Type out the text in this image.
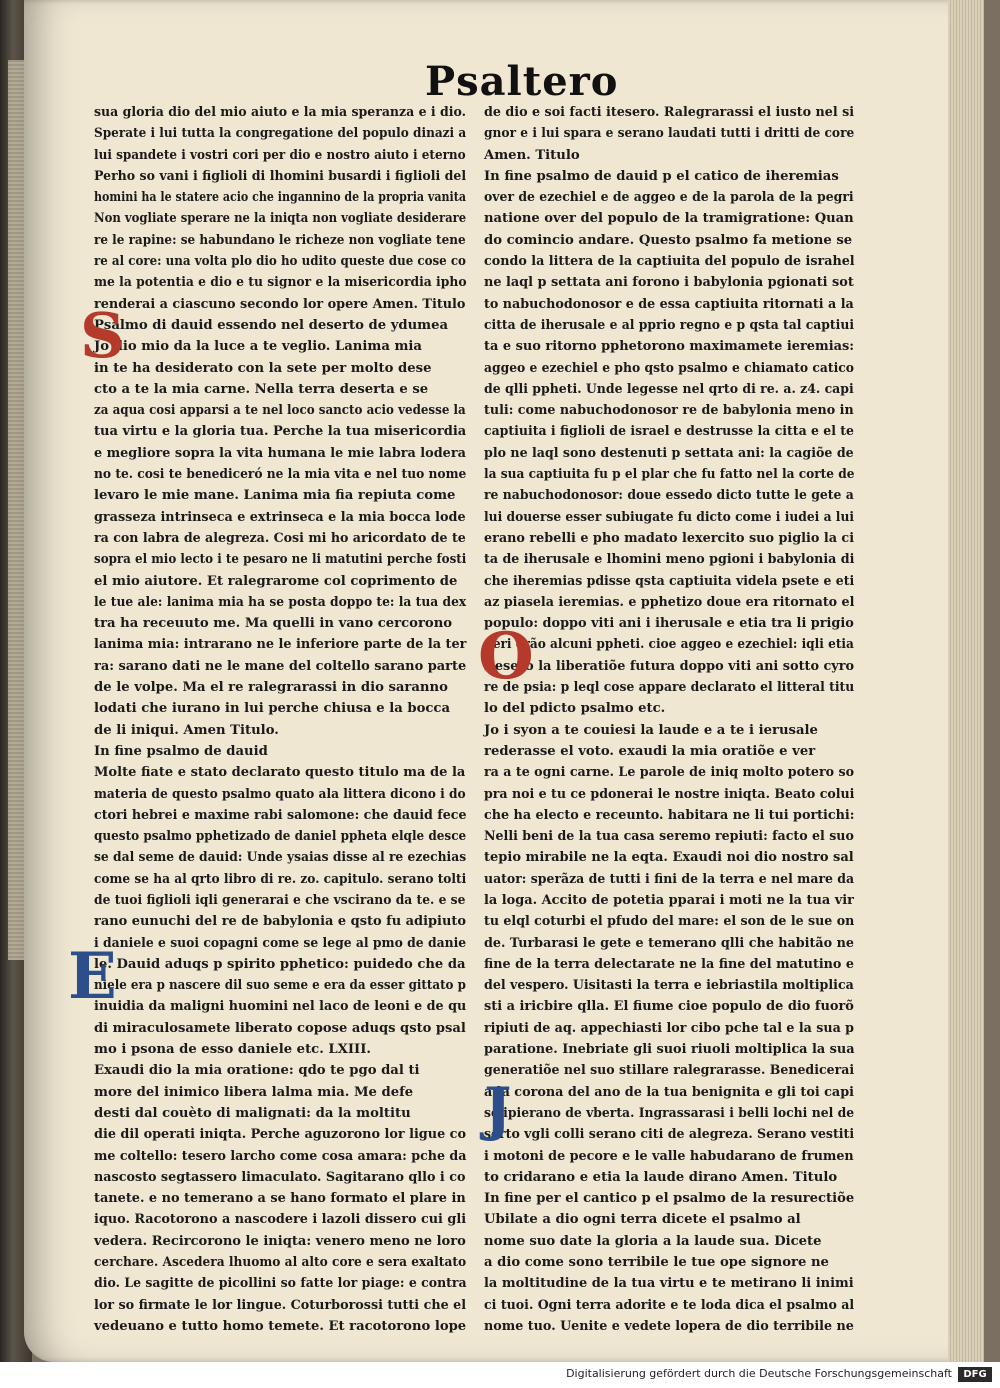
Psaltero
sua gloria dio del mio aiuto e la mia speranza e i dio.
Sperate i lui tutta la congregatione del populo dinazi a
lui spandete i vostri cori per dio e nostro aiuto i eterno
Perho so vani i figlioli di lhomini busardi i figlioli del
homini ha le statere acio che ingannino de la propria vanita
Non vogliate sperare ne la iniqta non vogliate desiderare
re le rapine: se habundano le richeze non vogliate tene
re al core: una volta plo dio ho udito queste due cose co
me la potentia e dio e tu signor e la misericordia ipho
renderai a ciascuno secondo lor opere Amen. Titulo
Psalmo di dauid essendo nel deserto de ydumea
Jo dio mio da la luce a te veglio. Lanima mia
in te ha desiderato con la sete per molto dese
cto a te la mia carne. Nella terra deserta e se
za aqua cosi apparsi a te nel loco sancto acio vedesse la
tua virtu e la gloria tua. Perche la tua misericordia
e megliore sopra la vita humana le mie labra lodera
no te. cosi te benediceró ne la mia vita e nel tuo nome
levaro le mie mane. Lanima mia fia repiuta come
grasseza intrinseca e extrinseca e la mia bocca lode
ra con labra de alegreza. Cosi mi ho aricordato de te
sopra el mio lecto i te pesaro ne li matutini perche fosti
el mio aiutore. Et ralegrarome col coprimento de
le tue ale: lanima mia ha se posta doppo te: la tua dex
tra ha receuuto me. Ma quelli in vano cercorono
lanima mia: intrarano ne le inferiore parte de la ter
ra: sarano dati ne le mane del coltello sarano parte
de le volpe. Ma el re ralegrarassi in dio saranno
lodati che iurano in lui perche chiusa e la bocca
de li iniqui. Amen Titulo.
In fine psalmo de dauid
Molte fiate e stato declarato questo titulo ma de la
materia de questo psalmo quato ala littera dicono i do
ctori hebrei e maxime rabi salomone: che dauid fece
questo psalmo pphetizado de daniel ppheta elqle desce
se dal seme de dauid: Unde ysaias disse al re ezechias
come se ha al qrto libro di re. zo. capitulo. serano tolti
de tuoi figlioli iqli generarai e che vscirano da te. e se
rano eunuchi del re de babylonia e qsto fu adipiuto
i daniele e suoi copagni come se lege al pmo de danie
le. Dauid aduqs p spirito pphetico: puidedo che da
niele era p nascere dil suo seme e era da esser gittato p
inuidia da maligni huomini nel laco de leoni e de qu
di miraculosamete liberato copose aduqs qsto psal
mo i psona de esso daniele etc. LXIII.
Exaudi dio la mia oratione: qdo te pgo dal ti
more del inimico libera lalma mia. Me defe
desti dal couèto di malignati: da la moltitu
die dil operati iniqta. Perche aguzorono lor ligue co
me coltello: tesero larcho come cosa amara: pche da
nascosto segtassero limaculato. Sagitarano qllo i co
tanete. e no temerano a se hano formato el plare in
iquo. Racotorono a nascodere i lazoli dissero cui gli
vedera. Recircorono le iniqta: venero meno ne loro
cerchare. Ascedera lhuomo al alto core e sera exaltato
dio. Le sagitte de picollini so fatte lor piage: e contra
lor so firmate le lor lingue. Coturborossi tutti che el
vedeuano e tutto homo temete. Et racotorono lope
de dio e soi facti itesero. Ralegrarassi el iusto nel si
gnor e i lui spara e serano laudati tutti i dritti de core
Amen. Titulo
In fine psalmo de dauid p el catico de iheremias
over de ezechiel e de aggeo e de la parola de la pegri
natione over del populo de la tramigratione: Quan
do comincio andare. Questo psalmo fa metione se
condo la littera de la captiuita del populo de israhel
ne laql p settata ani forono i babylonia pgionati sot
to nabuchodonosor e de essa captiuita ritornati a la
citta de iherusale e al pprio regno e p qsta tal captiui
ta e suo ritorno pphetorono maximamete ieremias:
aggeo e ezechiel e pho qsto psalmo e chiamato catico
de qlli ppheti. Unde legesse nel qrto di re. a. z4. capi
tuli: come nabuchodonosor re de babylonia meno in
captiuita i figlioli de israel e destrusse la citta e el te
plo ne laql sono destenuti p settata ani: la cagiõe de
la sua captiuita fu p el plar che fu fatto nel la corte de
re nabuchodonosor: doue essedo dicto tutte le gete a
lui douerse esser subiugate fu dicto come i iudei a lui
erano rebelli e pho madato lexercito suo piglio la ci
ta de iherusale e lhomini meno pgioni i babylonia di
che iheremias pdisse qsta captiuita videla psete e eti
az piasela ieremias. e pphetizo doue era ritornato el
populo: doppo viti ani i iherusale e etia tra li prigio
neri erão alcuni ppheti. cioe aggeo e ezechiel: iqli etia
itesero la liberatiõe futura doppo viti ani sotto cyro
re de psia: p leql cose appare declarato el litteral titu
lo del pdicto psalmo etc.
Jo i syon a te couiesi la laude e a te i ierusale
rederasse el voto. exaudi la mia oratiõe e ver
ra a te ogni carne. Le parole de iniq molto potero so
pra noi e tu ce pdonerai le nostre iniqta. Beato colui
che ha electo e receunto. habitara ne li tui portichi:
Nelli beni de la tua casa seremo repiuti: facto el suo
tepio mirabile ne la eqta. Exaudi noi dio nostro sal
uator: sperãza de tutti i fini de la terra e nel mare da
la loga. Accito de potetia pparai i moti ne la tua vir
tu elql coturbi el pfudo del mare: el son de le sue on
de. Turbarasi le gete e temerano qlli che habitão ne
fine de la terra delectarate ne la fine del matutino e
del vespero. Uisitasti la terra e iebriastila moltiplica
sti a iricbire qlla. El fiume cioe populo de dio fuorõ
ripiuti de aq. appechiasti lor cibo pche tal e la sua p
paratione. Inebriate gli suoi riuoli moltiplica la sua
generatiõe nel suo stillare ralegrarasse. Benedicerai
a la corona del ano de la tua benignita e gli toi capi
se ipierano de vberta. Ingrassarasi i belli lochi nel de
serto vgli colli serano citi de alegreza. Serano vestiti
i motoni de pecore e le valle habudarano de frumen
to cridarano e etia la laude dirano Amen. Titulo
In fine per el cantico p el psalmo de la resurectiõe
Ubilate a dio ogni terra dicete el psalmo al
nome suo date la gloria a la laude sua. Dicete
a dio come sono terribile le tue ope signore ne
la moltitudine de la tua virtu e te metirano li inimi
ci tuoi. Ogni terra adorite e te loda dica el psalmo al
nome tuo. Uenite e vedete lopera de dio terribile ne
S
E
O
J
Digitalisierung gefördert durch die Deutsche Forschungsgemeinschaft	DFG
